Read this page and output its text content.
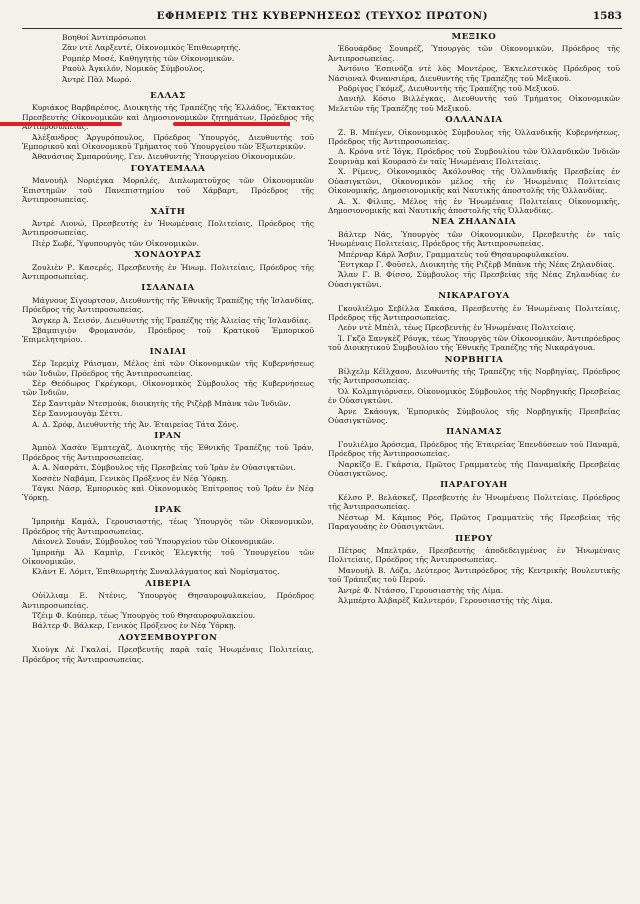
ΕΦΗΜΕΡΙΣ ΤΗΣ ΚΥΒΕΡΝΗΣΕΩΣ (ΤΕΥΧΟΣ ΠΡΩΤΟΝ)	1583
Βοηθοί Ἀντιπρόσωποι
Ζὰν ντὲ Λαρξεντέ, Οἰκονομικὸς Ἐπιθεωρητής.
Ρομπὲρ Μοσέ, Καθηγητὴς τῶν Οἰκονομικῶν.
Ραοὺλ Ἀγκιλόν, Νομικὸς Σύμβουλος.
Ἀντρὲ Πὰλ Μωρό.
ΕΛΛΑΣ

Κυριάκος Βαρβαρέσος, Διοικητὴς τῆς Τραπέζης τῆς Ἑλλάδος, Ἔκτακτος Πρεσβευτὴς Οἰκονομικῶν καὶ Δημοσιονομικῶν ζητημάτων, Πρόεδρος τῆς Ἀντιπροσωπείας.

Ἀλέξανδρος Ἀργυρόπουλος, Πρόεδρος Ὑπουργός, Διευθυντὴς τοῦ Ἐμπορικοῦ καὶ Οἰκονομικοῦ Τμήματος τοῦ Ὑπουργείου τῶν Ἐξωτερικῶν.

Ἀθανάσιος Σμπαρούνης, Γεν. Διευθυντὴς Ὑπουργείου Οἰκονομικῶν.

ΓΟΥΑΤΕΜΑΛΑ

Μανουὴλ Νοριέγκα Μοραλές, Διπλωματοῦχος τῶν Οἰκονομικῶν Ἐπιστημῶν τοῦ Πανεπιστημίου τοῦ Χάρβαρτ, Πρόεδρος τῆς Ἀντιπροσωπείας.

ΧΑΪΤΗ

Ἀντρὲ Λιονώ, Πρεσβευτὴς ἐν Ἡνωμέναις Πολιτείαις, Πρόεδρος τῆς Ἀντιπροσωπείας.

Πιὲρ Σωβέ, Ὑφυπουργὸς τῶν Οἰκονομικῶν.

ΧΟΝΔΟΥΡΑΣ

Ζουλιὲν Ρ. Κασερές, Πρεσβευτὴς ἐν Ἡνωμ. Πολιτείαις, Πρόεδρος τῆς Ἀντιπροσωπείας.

ΙΣΛΑΝΔΙΑ

Μάγνους Σίγουρτσον, Διευθυντὴς τῆς Ἐθνικῆς Τραπέζης τῆς Ἰσλανδίας, Πρόεδρος τῆς Ἀντιπροσωπείας.

Ἄσγκερ Ἀ. Σεισόν, Διευθυντὴς τῆς Τραπέζης τῆς Ἀλιείας τῆς Ἰσλανδίας.

Σβαμπιγιὸν Φρομανσόν, Πρόεδρος τοῦ Κρατικοῦ Ἐμπορικοῦ Ἐπιμελητηρίου.

ΙΝΔΙΑΙ

Σὲρ Ἰερεμὶχ Ράισμαν, Μέλος ἐπὶ τῶν Οἰκονομικῶν τῆς Κυβερνήσεως τῶν Ἰνδιῶν, Πρόεδρος τῆς Ἀντιπροσωπείας.

Σὲρ Θεόδωρος Γκρέγκορι, Οἰκονομικὸς Σύμβουλος τῆς Κυβερνήσεως τῶν Ἰνδιῶν.

Σὲρ Σαντιμὰν Ντεσμούκ, διοικητὴς τῆς Ριζὲρβ Μπὰνκ τῶν Ἰνδιῶν.

Σὲρ Σαννμουγὰμ Σέττι.

Α. Δ. Σρόφ, Διευθυντὴς τῆς Ἀν. Ἑταιρείας Τάτα Σόνς.

ΙΡΑΝ

Ἀμπὸλ Χασὰν Ἐμπτεχάζ, Διοικητὴς τῆς Ἐθνικῆς Τραπέζης τοῦ Ἰράν, Πρόεδρος τῆς Ἀντιπροσωπείας.

Α. Α. Νασράτι, Σύμβουλος τῆς Πρεσβείας τοῦ Ἰρὰν ἐν Οὐασιγκτῶνι.

Χοσσὲν Ναβάμπ, Γενικὸς Πρόξενος ἐν Νέᾳ Ὑόρκῃ.

Τάγκι Νάσρ, Ἐμπορικὸς καὶ Οἰκονομικὸς Ἐπίτροπος τοῦ Ἰρὰν ἐν Νέᾳ Ὑόρκῃ.

ΙΡΑΚ

Ἰμπραὴμ Καμάλ, Γερουσιαστής, τέως Ὑπουργὸς τῶν Οἰκονομικῶν, Πρόεδρος τῆς Ἀντιπροσωπείας.

Λάιονελ Σουάν, Σύμβουλος τοῦ Ὑπουργείου τῶν Οἰκονομικῶν.

Ἰμπραὴμ Ἀλ Καμπὶρ, Γενικὸς Ἐλεγκτὴς τοῦ Ὑπουργείου τῶν Οἰκονομικῶν.

Κλὰντ Ε. Λόμιτ, Ἐπιθεωρητὴς Συναλλάγματος καὶ Νομίσματος.

ΛΙΒΕΡΙΑ

Οὐίλλιαμ Ε. Ντένις, Ὑπουργὸς Θησαυροφυλακείου, Πρόεδρος Ἀντιπροσωπείας.

Τζέιμ Φ. Κούπερ, τέως Ὑπουργὸς τοῦ Θησαυροφυλακείου.

Βάλτερ Φ. Βάλκερ, Γενικὸς Πρόξενος ἐν Νέᾳ Ὑόρκῃ.

ΛΟΥΞΕΜΒΟΥΡΓΟΝ

Χιοὺγκ Λὲ Γκαλαί, Πρεσβευτὴς παρὰ ταῖς Ἡνωμέναις Πολιτείαις, Πρόεδρος τῆς Ἀντιπροσωπείας.

ΜΕΞΙΚΟ

Ἐδουάρδος Σουαρέζ, Ὑπουργὸς τῶν Οἰκονομικῶν, Πρόεδρος τῆς Ἀντιπροσωπείας.

Ἀντόνιο Ἐσπινόζα ντὲ λὸς Μοντέρος, Ἐκτελεστικὸς Πρόεδρος τοῦ Νάσιοναλ Φινανσιέρα, Διευθυντὴς τῆς Τραπέζης τοῦ Μεξικοῦ.

Ροδρίγος Γκόμεζ, Διευθυντὴς τῆς Τραπέζης τοῦ Μεξικοῦ.

Δανιὴλ Κόσιο Βιλλέγκας, Διευθυντὴς τοῦ Τμήματος Οἰκονομικῶν Μελετῶν τῆς Τραπέζης τοῦ Μεξικοῦ.

ΟΛΛΑΝΔΙΑ

Ζ. Β. Μπέγεν, Οἰκονομικὸς Σύμβουλος τῆς Ὀλλανδικῆς Κυβερνήσεως, Πρόεδρος τῆς Ἀντιπροσωπείας.

Δ. Κρόνα ντὲ Ἰόγκ, Πρόεδρος τοῦ Συμβουλίου τῶν Ὀλλανδικῶν Ἰνδιῶν Σουρινὰμ καὶ Κουρασὸ ἐν ταῖς Ἡνωμέναις Πολιτείαις.

Χ. Ρίμενς, Οἰκονομικὸς Ἀκόλουθος τῆς Ὀλλανδικῆς Πρεσβείας ἐν Οὐασιγκτῶνι, Οἰκονομικὸν μέλος τῆς ἐν Ἡνωμέναις Πολιτείαις Οἰκονομικῆς, Δημοσιονομικῆς καὶ Ναυτικῆς ἀποστολῆς τῆς Ὀλλανδίας.

Α. Χ. Φίλιπς, Μέλος τῆς ἐν Ἡνωμέναις Πολιτείαις Οἰκονομικῆς, Δημοσιονομικῆς καὶ Ναυτικῆς ἀποστολῆς τῆς Ὀλλανδίας.

ΝΕΑ ΖΗΛΑΝΔΙΑ

Βάλτερ Νάς, Ὑπουργὸς τῶν Οἰκονομικῶν, Πρεσβευτὴς ἐν ταῖς Ἡνωμέναις Πολιτείαις, Πρόεδρος τῆς Ἀντιπροσωπείας.

Μπέρναρ Κάρλ Ἄσβιν, Γραμματεὺς τοῦ Θησαυροφυλακείου.

Ἔντγκαρ Γ. Φοῦσελ, Διοικητὴς τῆς Ριζὲρβ Μπὰνκ τῆς Νέας Ζηλανδίας.

Ἄλαν Γ. Β. Φίσσο, Σύμβουλος τῆς Πρεσβείας τῆς Νέας Ζηλανδίας ἐν Οὐασιγκτῶνι.

ΝΙΚΑΡΑΓΟΥΑ

Γκουλιέλμο Σεβίλλα Σακάσα, Πρεσβευτὴς ἐν Ἡνωμέναις Πολιτείαις, Πρόεδρος τῆς Ἀντιπροσωπείας.

Λεὸν ντὲ Μπέιλ, τέως Πρεσβευτὴς ἐν Ἡνωμέναις Πολιτείαις.

Ἰ. Γκζὸ Σανγκὲζ Ρόυγκ, τέως Ὑπουργὸς τῶν Οἰκονομικῶν, Ἀντιπρόεδρος τοῦ Διοικητικοῦ Συμβουλίου τῆς Ἐθνικῆς Τραπέζης τῆς Νικαράγουα.

ΝΟΡΒΗΓΙΑ

Βίλχελμ Κέϊλχαου, Διευθυντὴς τῆς Τραπέζης τῆς Νορβηγίας, Πρόεδρος τῆς Ἀντιπροσωπείας.

Ὀλ Κολμπγιόρνσεν, Οἰκονομικὸς Σύμβουλος τῆς Νορβηγικῆς Πρεσβείας ἐν Οὐασιγκτῶνι.

Ἀρνε Σκάουγκ, Ἐμπορικὸς Σύμβουλος τῆς Νορβηγικῆς Πρεσβείας Οὐασιγκτῶνος.

ΠΑΝΑΜΑΣ

Γουλιέλμο Ἀρόσεμα, Πρόεδρος τῆς Ἑταιρείας Ἐπενδύσεων τοῦ Παναμᾶ, Πρόεδρος τῆς Ἀντιπροσωπείας.

Ναρκίζο Ε. Γκάρσια, Πρῶτος Γραμματεὺς τῆς Παναμαϊκῆς Πρεσβείας Οὐασιγκτῶνος.

ΠΑΡΑΓΟΥΑΗ

Κέλσο Ρ. Βελάσκεζ, Πρεσβευτὴς ἐν Ἡνωμέναις Πολιτείαις, Πρόεδρος τῆς Ἀντιπροσωπείας.

Νέστωρ Μ. Κάμπος Ρός, Πρῶτος Γραμματεὺς τῆς Πρεσβείας τῆς Παραγουάης ἐν Οὐασιγκτῶνι.

ΠΕΡΟΥ

Πέτρος Μπελτράν, Πρεσβευτὴς ἀποδεδειγμένος ἐν Ἡνωμέναις Πολιτείαις, Πρόεδρος τῆς Ἀντιπροσωπείας.

Μανουὴλ Β. Λόζα, Δεύτερος Ἀντιπρόεδρος τῆς Κεντρικῆς Βουλευτικῆς τοῦ Τράπεζας τοῦ Περοῦ.

Ἀντρὲ Φ. Ντάσσο, Γερουσιαστὴς τῆς Λίμα.

Ἀλμπέρτο Ἀλβαρὲζ Καλντερόν, Γερουσιαστὴς τῆς Λίμα.
